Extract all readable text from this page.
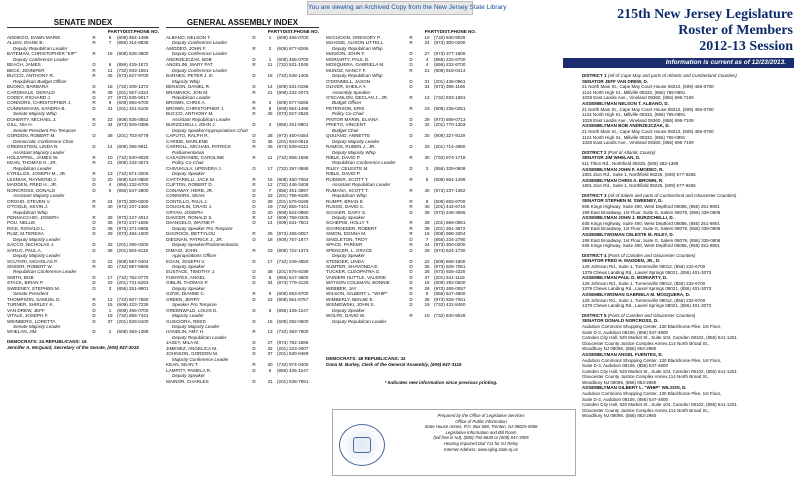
You are viewing an Archived Copy from the New Jersey State Library
SENATE INDEX
PARTY DIST. PHONE NO.
ADDIEGO, DAWN MARIE	R	8	(609) 654-1498
ALLEN, DIANE B.	R	7	(856) 314-8835
Deputy Republican Leader
BATEMAN, CHRISTOPHER "KIP"	R	16 (908) 526-3600
Deputy Conference Leader
BEACH, JAMES	D	6	(856) 429-1572
BECK, JENNIFER	R	11	(732) 933-1591
BUCCO, ANTHONY R.	R	25 (973) 627-9700
Republican Budget Officer
BUONO, BARBARA	D	18 (732) 205-1372
CARDINALE, GERALD	R	39 (201) 567-2324
CODEY, RICHARD J.	D	27 (973) 535-5017
CONNORS, CHRISTOPHER J.	R	9	(609) 693-6700
CUNNINGHAM, SANDRA B.	D	31 (201) 451-5100
Senate Majority Whip
DOHERTY, MICHAEL J.	R	23 (908) 835-0552
GILL, NIA H.	D	34 (973) 509-0388
Senate President Pro Tempore
GORDON, ROBERT M.	D	38 (201) 703-9779
Democratic Conference Chair
GREENSTEIN, LINDA R.	D	14 (609) 395-9911
Assistant Majority Leader
HOLZAPFEL, JAMES W.	R	10 (732) 840-9028
KEAN, THOMAS H., JR.	R	21 (908) 232-3673
Republican Leader
KYRILLOS, JOSEPH M., JR.	R	13 (732) 671-3206
LESNIAK, RAYMOND J.	D	20 (908) 624-0880
MADDEN, FRED H., JR.	D	4	(856) 232-6700
NORCROSS, DONALD	D	5	(856) 547-4800
Assistant Majority Leader
OROHO, STEVEN V.	R	24 (973) 300-0200
O'TOOLE, KEVIN J.	R	40 (973) 237-1360
Republican Whip
PENNACCHIO, JOSEPH	R	26 (973) 227-4012
POU, NELLIE	D	35 (973) 247-1555
RICE, RONALD L.	D	28 (973) 371-5665
RUIZ, M.TERESA	D	29 (973) 484-1000
Deputy Majority Leader
SACCO, NICHOLAS J.	D	32 (201) 295-0200
SARLO, PAUL A.	D	36 (201) 804-8118
Deputy Majority Leader
SCUTARI, NICHOLAS P.	D	22 (908) 587-0404
SINGER, ROBERT W.	R	30 (732) 987-5669
Republican Conference Leader
SMITH, BOB	D	17 (732) 752-0770
STACK, BRIAN P.	D	33 (201) 721-5263
SWEENEY, STEPHEN M.	D	3	(856) 251-9801
Senate President
THOMPSON, SAMUEL D.	R	12 (732) 607-7580
TURNER, SHIRLEY K.	D	15 (609) 323-7239
VAN DREW, JEFF	D	1	(609) 465-0700
VITALE, JOSEPH F.	D	19 (732) 855-7441
WEINBERG, LORETTA	D	37 (201) 928-0100
Senate Majority Leader
WHELAN, JIM	D	2	(609) 383-1388
DEMOCRATS: 24 REPUBLICANS: 16
Jennifer A. McQuaid, Secretary of the Senate, (609) 847-3015
GENERAL ASSEMBLY INDEX
PARTY DIST. PHONE NO.
ALBANO, NELSON T.	D	1	(609) 465-0700
Deputy Conference Leader
AMODEO, JOHN F.	R	2	(609) 677-8266
Deputy Conference Leader
ANDRZEJCZAK, BOB	D	1	(609) 465-0700
ANGELINI, MARY PAT	R	11	(732) 531-1045
Deputy Conference Leader
BARNES, PETER J. III	D	18 (732) 548-1406
Majority Whip
BENSON, DANIEL R.	D	14 (609) 631-0198
BRAMNICK, JON M.	R	21 (908) 232-2073
Republican Leader
BROWN, CHRIS A.	R	2	(609) 677-8266
BROWN, CHRISTOPHER J.	R	8	(609) 654-1498
BUCCO, ANTHONY M.	R	25 (973) 927-2526
Assistant Republican Leader
BURZICHELLI, JOHN J.	D	3	(856) 251-9801
Deputy Speaker/Appropriations Chair
CAPUTO, RALPH R.	D	28 (973) 450-0484
CARIDE, MARLENE	D	36 (201) 943-0615
CARROLL, MICHAEL PATRICK	R	25 (973) 539-8113
Parliamentarian
CASAGRANDE, CAROLINE	R	11	(732) 866-1695
Policy Co-Chair
CHIVUKULA, UPENDRA J.	D	17 (732) 297-3689
Deputy Speaker
CIATTARELLI, JACK M.	R	16 (908) 450-7064
CLIFTON, ROBERT D.	R	12 (732) 446-3408
CONAWAY, HERB, JR.	D	7	(856) 461-3997
CONNORS, SEAN	D	33 (201) 795-9190
CONTILLO, PAUL J.	D	38 (201) 576-9199
COUGHLIN, CRAIG J.	D	19 (732) 855-7441
CRYAN, JOSEPH	D	20 (908) 624-0880
DANCER, RONALD S.	R	12 (609) 758-0205
DeANGELO, WAYNE P.	D	14 (609) 631-7501
Deputy Speaker Pro Tempore
DeCROCE, BETTYLOU	R	26 (973) 265-0057
DIEGNAN, PATRICK J., JR.	D	18 (908) 757-1677
Deputy Speaker/Parliamentarian
DIMAIO, JOHN	R	23 (908) 722-1373
Appropriations Officer
EGAN, JOSEPH V.	D	17 (732) 249-4550
Deputy Speaker
EUSTACE, TIMOTHY J.	D	38 (201) 576-9199
FUENTES, ANGEL	D	5	(856) 547-4800
GIBLIN, THOMAS P.	D	34 (973) 779-3125
Deputy Speaker
GOVE, DIANNE C.	R	9	(609) 693-6700
GREEN, JERRY	D	22 (908) 561-5757
Speaker Pro Tempore
GREENWALD, LOUIS D.	D	6	(856) 435-1247
Majority Leader
GUSCIORA, REED	D	15 (609) 292-0500
Deputy Majority Leader
HANDLIN, AMY H.	R	13 (732) 383-7800
Deputy Republican Leader
JASEY, MILA M.	D	27 (973) 762-1886
JIMENEZ, ANGELICA M.	D	32 (201) 223-4007
JOHNSON, GORDON M.	D	37 (201) 530-0469
Majority Conference Leader
KEAN, SEAN T.	R	30 (732) 974-0400
LAMPITT, PAMELA R.	D	6	(856) 435-1247
Deputy Speaker
MAINOR, CHARLES	D	31 (201) 536-7851
PARTY DIST. PHONE NO.
McGUCKIN, GREGORY P.	R	10 (732) 840-9028
McHOSE, ALISON LITTELL	R	24 (973) 300-0200
Deputy Republican Whip
McKEON, JOHN F.	D	27 (973) 377-1606
MORIARTY, PAUL D.	D	4	(856) 232-6700
MOSQUERA, GABRIELA M.	D	4	(856) 232-6700
MUNOZ, NANCY F.	R	21 (908) 918-0414
Deputy Republican Whip
O'DONNELL, JASON	D	31 (201) 436-0961
OLIVER, SHEILA Y.	D	34 (973) 395-1166
Assembly Speaker
O'SCANLON, DECLAN J., JR.	R	13 (732) 933-1591
Budget Officer
PETERSON, ERIK	R	23 (908) 238-0251
Policy Co-Chair
PINTOR MARIN, ELIANA	D	29 (973) 589-0713
PRIETO, VINCENT	D	32 (201) 770-1303
Budget Chair
QUIJANO, ANNETTE	D	20 (908) 327-9119
Deputy Majority Leader
RAMOS, RUBEN J., JR.	D	33 (201) 714-4960
Deputy Majority Whip
RIBLE, DAVID P.	R	30 (732) 974-1719
Republican Conference Leader
RILEY, CELESTE M.	D	3	(856) 339-0808
RIBLE, DAVID P.
RUDDER, SCOTT T.	R	8	(609) 654-1498
Assistant Republican Leader
RUMANA, SCOTT T.	R	40 (973) 237-1362
Republican Whip
RUMPF, BRIAN E.	R	9	(609) 693-6700
RUSSO, DAVID C.	R	40 (201) 444-9719
SCHAER, GARY S.	D	36 (973) 249-3665
Deputy Speaker
SCHEPISI, HOLLY T.	R	39 (201) 666-0881
SCHROEDER, ROBERT	R	39 (201) 391-3672
SIMON, DONNA M.	R	16 (908) 968-3304
SINGLETON, TROY	D	7	(856) 234-2790
SPACE, PARKER	R	24 (973) 300-0200
SPENCER, L. GRACE	D	29 (973) 624-1730
Deputy Speaker
STENDER, LINDA	D	22 (908) 668-1900
SUMTER, SHAVONDA E.	D	35 (973) 925-7061
TUCKER, CLEOPATRA G.	D	28 (973) 926-4320
VAINIERI HUTTLE, VALERIE	D	37 (201) 541-1118
WATSON COLEMAN, BONNIE	D	15 (609) 292-0500
WEBBER, JAY	R	26 (973) 265-0057
WILSON, GILBERT L. "WHIP"	D	5	(856) 547-4800
WIMBERLY, BENJIE E.	D	35 (973) 925-7061
WISNIEWSKI, JOHN S.	D	19 (732) 432-8460
Deputy Speaker
WOLFE, DAVID W.	R	10 (732) 840-9028
Deputy Republican Leader
DEMOCRATS: 48 REPUBLICANS: 32
Dana M. Burley, Clerk of the General Assembly, (609) 847-3115
* Indicates new information since previous printing.
Prepared by the Office of Legislative Services
Office of Public Information
State House Annex, P.O. Box 068, Trenton, NJ 08625-0068
Legislative Information and Bill Room
(toll free in NJ), (800) 792-8630 or (609) 847-3905
Hearing Impaired Dial 711 for NJ Relay
Internet Address: www.njleg.state.nj.us
215th New Jersey Legislature
Roster of Members
2012-13 Session
Information is current as of 12/23/2013.
DISTRICT 1 (All of Cape May and parts of Atlantic and Cumberland Counties)
SENATOR JEFF VAN DREW, D.
21 North Main St., Cape May Court House 08210, (609) 465-0700
1124 North High St., Millville 08332, (856) 765-0891
1028 East Landis Ave., Vineland 08360, (856) 696-7109
ASSEMBLYMAN NELSON T. ALBANO, D.
21 North Main St., Cape May Court House 08210, (609) 465-0700
1124 North High St., Millville 08332, (856) 765-0891
1028 East Landis Ave., Vineland 08360, (856) 696-7109
ASSEMBLYMAN BOB ANDRZEJCZAK, D.
21 North Main St., Cape May Court House 08210, (609) 465-0700
1124 North High St., Millville 08332, (856) 765-0891
1028 East Landis Ave., Vineland 08360, (856) 696-7109
DISTRICT 2 (Part of Atlantic County)
SENATOR JIM WHELAN, D.
511 Tilton Rd., Northfield 08225, (609) 383-1388
ASSEMBLYMAN JOHN F. AMODEO, R.
1801 Zion Rd., Suite 1, Northfield 08225, (609) 677-8266
ASSEMBLYMAN CHRIS A. BROWN, R.
1801 Zion Rd., Suite 1, Northfield 08225, (609) 677-8266
DISTRICT 3 (All of Salem and parts of Cumberland and Gloucester Counties)
SENATOR STEPHEN M. SWEENEY, D.
935 Kings Highway, Suite 400, West Deptford 08086, (856) 251-9801
199 East Broadway, 1st Floor, Suite G, Salem 08079, (856) 339-0808
ASSEMBLYMAN JOHN J. BURZICHELLI, D.
935 Kings Highway, Suite 400, West Deptford 08086, (856) 251-9801
199 East Broadway, 1st Floor, Suite G, Salem 08079, (856) 339-0808
ASSEMBLYWOMAN CELESTE M. RILEY, D.
199 East Broadway, 1st Floor, Suite G, Salem 08079, (856) 339-0808
935 Kings Highway, Suite 400, West Deptford 08086, (856) 251-9801
DISTRICT 4 (Parts of Camden and Gloucester Counties)
SENATOR FRED H. MADDEN, JR., D.
129 Johnson Rd., Suite 1, Turnersville 08012, (856) 232-6700
1379 Chews Landing Rd., Laurel Springs 08021, (856) 401-3073
ASSEMBLYMAN PAUL D. MORIARTY, D.
129 Johnson Rd., Suite 1, Turnersville 08012, (856) 232-6700
1379 Chews Landing Rd., Laurel Springs 08021, (856) 401-3073
ASSEMBLYWOMAN GABRIELA M. MOSQUERA, D.
129 Johnson Rd., Suite 1, Turnersville 08012, (856) 232-6700
1379 Chews Landing Rd., Laurel Springs 08021, (856) 401-3073
DISTRICT 5 (Parts of Camden and Gloucester Counties)
SENATOR DONALD NORCROSS, D.
Audubon Commons Shopping Center, 130 Blackhorse Pike, 1st Floor,
Suite D-3, Audubon 08106, (856) 547-4800
Camden City Hall, 520 Market St., Suite 104, Camden 08102, (856) 541-1251
Gloucester County Justice Complex Annex,114 North Broad St.,
Woodbury NJ 08096, (856) 853-2960
ASSEMBLYMAN ANGEL FUENTES, D.
Audubon Commons Shopping Center, 130 Blackhorse Pike, 1st Floor,
Suite D-3, Audubon 08106, (856) 547-4800
Camden City Hall, 520 Market St., Suite 104, Camden 08102, (856) 541-1251
Gloucester County Justice Complex Annex,114 North Broad St.,
Woodbury NJ 08096, (856) 853-2960
ASSEMBLYMAN GILBERT L. "WHIP" WILSON, D.
Audubon Commons Shopping Center, 130 Blackhorse Pike, 1st Floor,
Suite D-3, Audubon 08106, (856) 547-4800
Camden City Hall, 520 Market St., Suite 104, Camden 08102, (856) 541-1251
Gloucester County Justice Complex Annex,114 North Broad St.,
Woodbury NJ 08096, (856) 853-2960
